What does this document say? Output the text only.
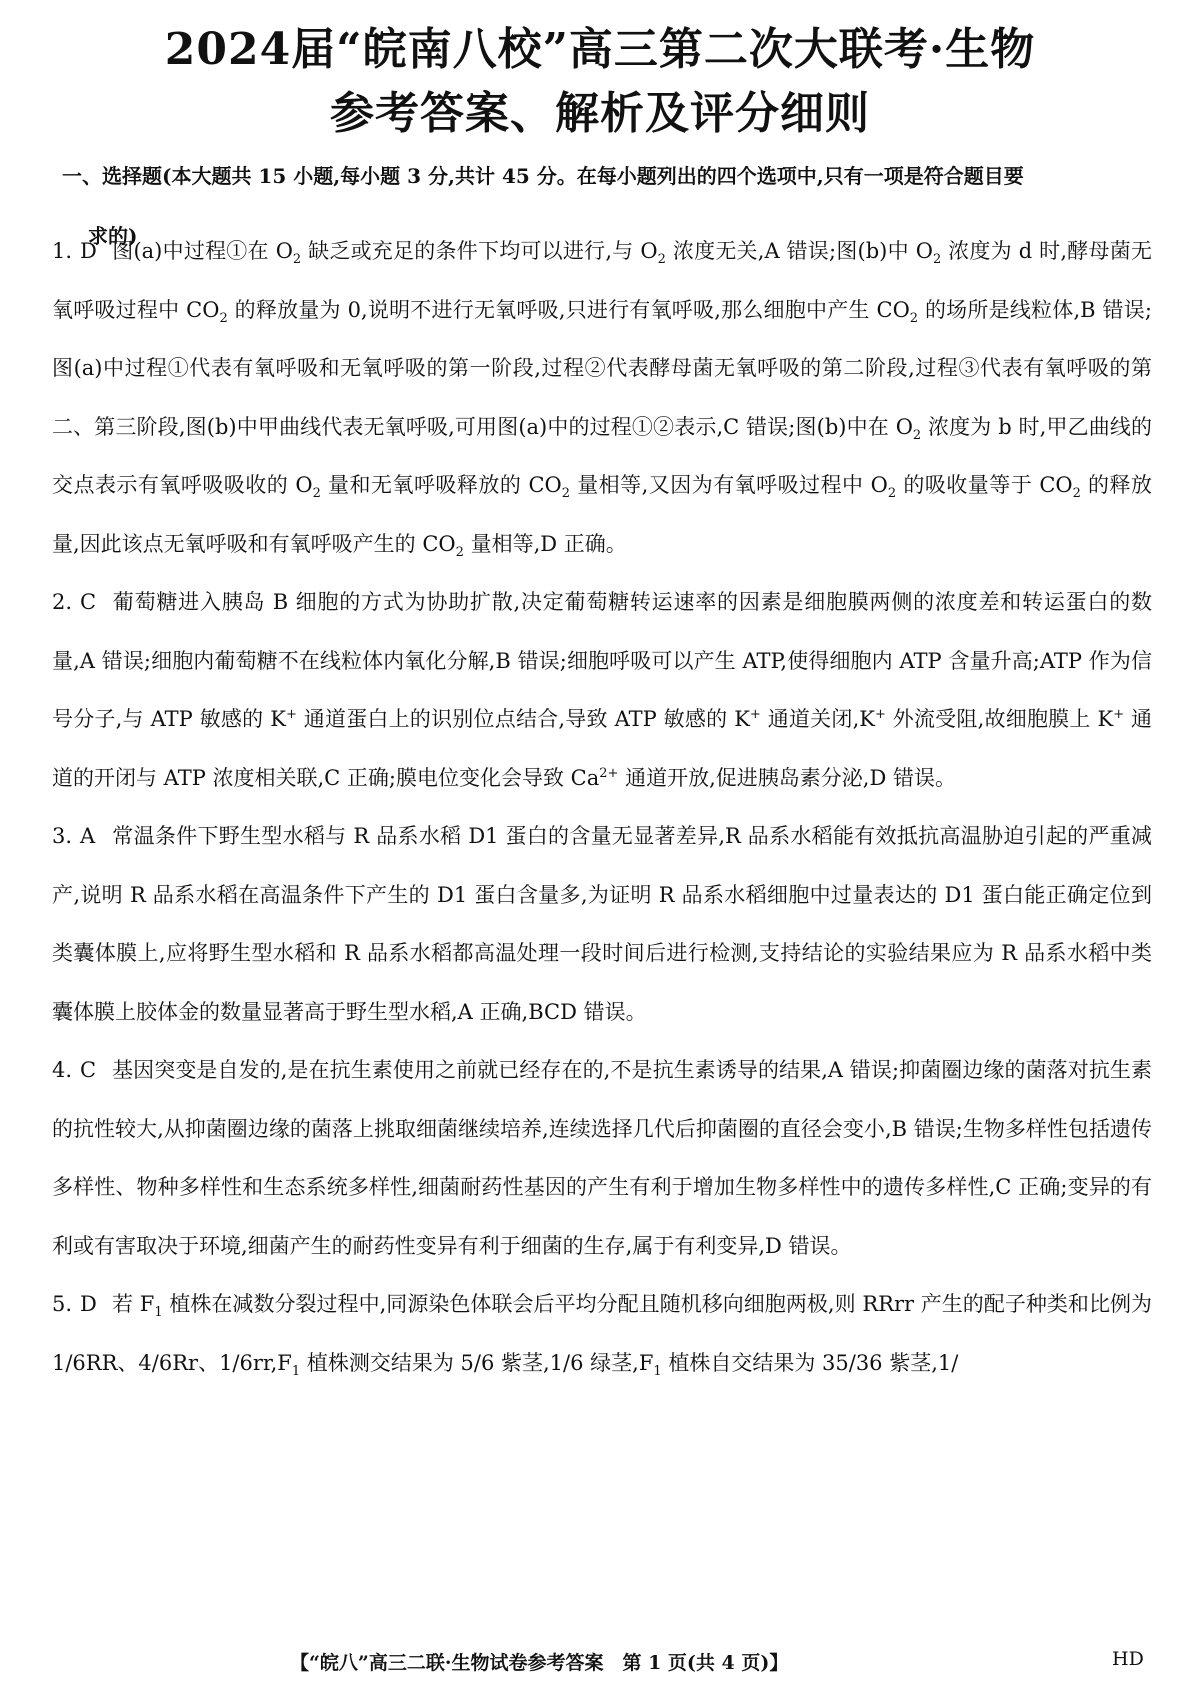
2024届“皖南八校”高三第二次大联考·生物
参考答案、解析及评分细则
一、选择题(本大题共 15 小题,每小题 3 分,共计 45 分。在每小题列出的四个选项中,只有一项是符合题目要
求的)

1. D 图(a)中过程①在 $O_2$ 缺乏或充足的条件下均可以进行,与 $O_2$ 浓度无关,A 错误;图(b)中 $O_2$ 浓度为 d 时,酵母菌无氧呼吸过程中 $CO_2$ 的释放量为 0,说明不进行无氧呼吸,只进行有氧呼吸,那么细胞中产生 $CO_2$ 的场所是线粒体,B 错误;图(a)中过程①代表有氧呼吸和无氧呼吸的第一阶段,过程②代表酵母菌无氧呼吸的第二阶段,过程③代表有氧呼吸的第二、第三阶段,图(b)中甲曲线代表无氧呼吸,可用图(a)中的过程①②表示,C 错误;图(b)中在 $O_2$ 浓度为 b 时,甲乙曲线的交点表示有氧呼吸吸收的 $O_2$ 量和无氧呼吸释放的 $CO_2$ 量相等,又因为有氧呼吸过程中 $O_2$ 的吸收量等于 $CO_2$ 的释放量,因此该点无氧呼吸和有氧呼吸产生的 $CO_2$ 量相等,D 正确。

2. C 葡萄糖进入胰岛 B 细胞的方式为协助扩散,决定葡萄糖转运速率的因素是细胞膜两侧的浓度差和转运蛋白的数量,A 错误;细胞内葡萄糖不在线粒体内氧化分解,B 错误;细胞呼吸可以产生 ATP,使得细胞内 ATP 含量升高;ATP 作为信号分子,与 ATP 敏感的 K+ 通道蛋白上的识别位点结合,导致 ATP 敏感的 K+ 通道关闭,K+ 外流受阻,故细胞膜上 K+ 通道的开闭与 ATP 浓度相关联,C 正确;膜电位变化会导致 $Ca^{2+}$ 通道开放,促进胰岛素分泌,D 错误。

3. A 常温条件下野生型水稻与 R 品系水稻 D1 蛋白的含量无显著差异,R 品系水稻能有效抵抗高温胁迫引起的严重减产,说明 R 品系水稻在高温条件下产生的 D1 蛋白含量多,为证明 R 品系水稻细胞中过量表达的 D1 蛋白能正确定位到类囊体膜上,应将野生型水稻和 R 品系水稻都高温处理一段时间后进行检测,支持结论的实验结果应为 R 品系水稻中类囊体膜上胶体金的数量显著高于野生型水稻,A 正确,BCD 错误。

4. C 基因突变是自发的,是在抗生素使用之前就已经存在的,不是抗生素诱导的结果,A 错误;抑菌圈边缘的菌落对抗生素的抗性较大,从抑菌圈边缘的菌落上挑取细菌继续培养,连续选择几代后抑菌圈的直径会变小,B 错误;生物多样性包括遗传多样性、物种多样性和生态系统多样性,细菌耐药性基因的产生有利于增加生物多样性中的遗传多样性,C 正确;变异的有利或有害取决于环境,细菌产生的耐药性变异有利于细菌的生存,属于有利变异,D 错误。

5. D 若 $F_1$ 植株在减数分裂过程中,同源染色体联会后平均分配且随机移向细胞两极,则 RRrr 产生的配子种类和比例为 1/6RR、4/6Rr、$1/6rr,F_1$ 植株测交结果为 5/6 紫茎,1/6 绿茎$,F_1$ 植株自交结果为 35/36 紫茎,1/

【“皖八”高三二联·生物试卷参考答案　第 1 页(共 4 页)】	HD
